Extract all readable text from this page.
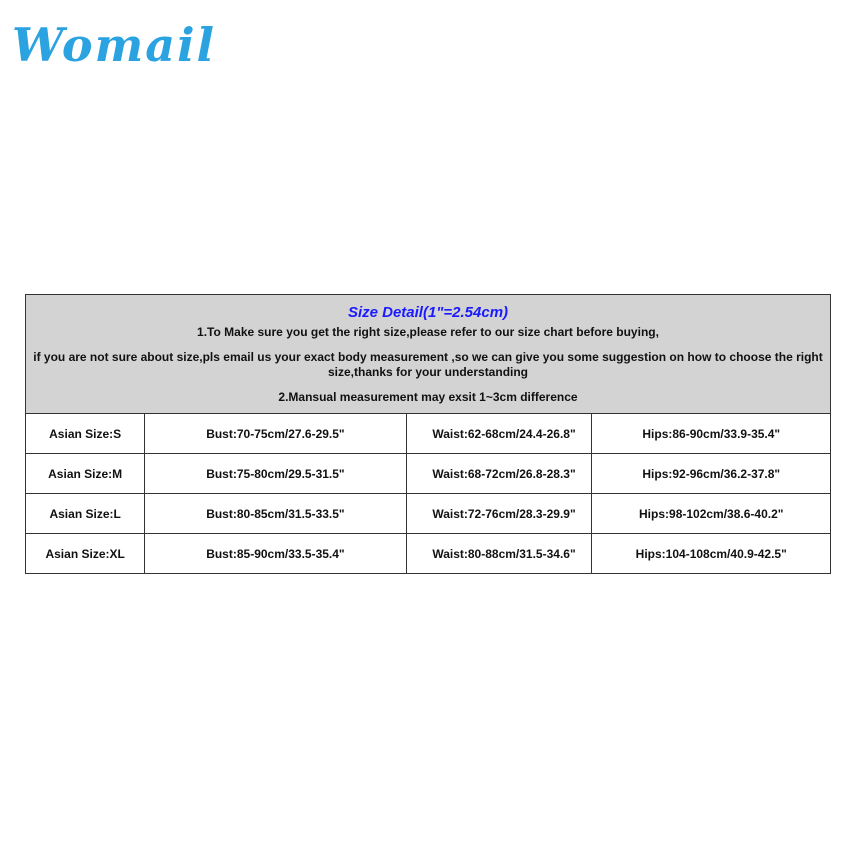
Womail
Size Detail(1"=2.54cm)
1.To Make sure you get the right size,please refer to our size chart before buying,
if you are not sure about size,pls email us your exact body measurement ,so we can give you some suggestion on how to choose the right size,thanks for your understanding
2.Mansual measurement may exsit 1~3cm difference			

Asian Size:S	Bust:70-75cm/27.6-29.5"	Waist:62-68cm/24.4-26.8"	Hips:86-90cm/33.9-35.4"
Asian Size:M	Bust:75-80cm/29.5-31.5"	Waist:68-72cm/26.8-28.3"	Hips:92-96cm/36.2-37.8"
Asian Size:L	Bust:80-85cm/31.5-33.5"	Waist:72-76cm/28.3-29.9"	Hips:98-102cm/38.6-40.2"
Asian Size:XL	Bust:85-90cm/33.5-35.4"	Waist:80-88cm/31.5-34.6"	Hips:104-108cm/40.9-42.5"
